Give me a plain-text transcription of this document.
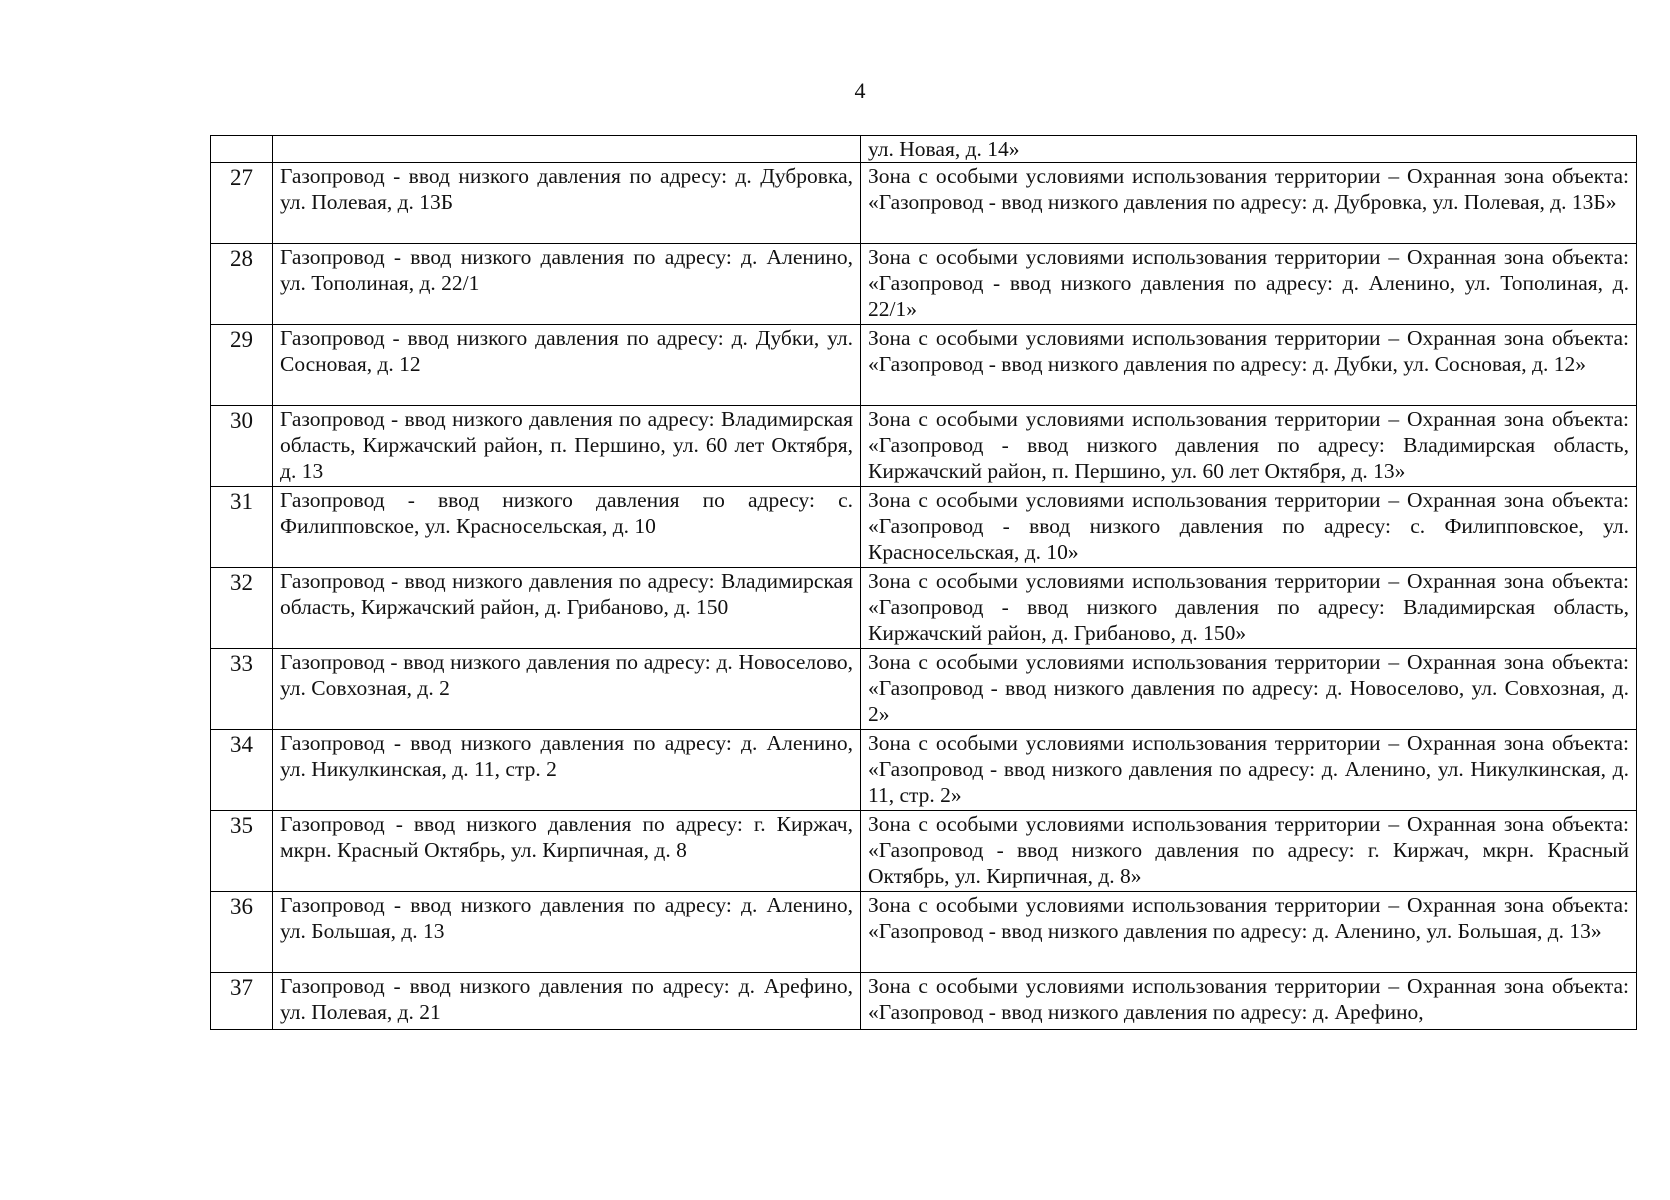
4
		ул. Новая, д. 14»
27	Газопровод - ввод низкого давления по адресу: д. Дубровка, ул. Полевая, д. 13Б	Зона с особыми условиями использования территории – Охранная зона объекта: «Газопровод - ввод низкого давления по адресу: д. Дубровка, ул. Полевая, д. 13Б»
28	Газопровод - ввод низкого давления по адресу: д. Аленино, ул. Тополиная, д. 22/1	Зона с особыми условиями использования территории – Охранная зона объекта: «Газопровод - ввод низкого давления по адресу: д. Аленино, ул. Тополиная, д. 22/1»
29	Газопровод - ввод низкого давления по адресу: д. Дубки, ул. Сосновая, д. 12	Зона с особыми условиями использования территории – Охранная зона объекта: «Газопровод - ввод низкого давления по адресу: д. Дубки, ул. Сосновая, д. 12»
30	Газопровод - ввод низкого давления по адресу: Владимирская область, Киржачский район, п. Першино, ул. 60 лет Октября, д. 13	Зона с особыми условиями использования территории – Охранная зона объекта: «Газопровод - ввод низкого давления по адресу: Владимирская область, Киржачский район, п. Першино, ул. 60 лет Октября, д. 13»
31	Газопровод - ввод низкого давления по адресу: с. Филипповское, ул. Красносельская, д. 10	Зона с особыми условиями использования территории – Охранная зона объекта: «Газопровод - ввод низкого давления по адресу: с. Филипповское, ул. Красносельская, д. 10»
32	Газопровод - ввод низкого давления по адресу: Владимирская область, Киржачский район, д. Грибаново, д. 150	Зона с особыми условиями использования территории – Охранная зона объекта: «Газопровод - ввод низкого давления по адресу: Владимирская область, Киржачский район, д. Грибаново, д. 150»
33	Газопровод - ввод низкого давления по адресу: д. Новоселово, ул. Совхозная, д. 2	Зона с особыми условиями использования территории – Охранная зона объекта: «Газопровод - ввод низкого давления по адресу: д. Новоселово, ул. Совхозная, д. 2»
34	Газопровод - ввод низкого давления по адресу: д. Аленино, ул. Никулкинская, д. 11, стр. 2	Зона с особыми условиями использования территории – Охранная зона объекта: «Газопровод - ввод низкого давления по адресу: д. Аленино, ул. Никулкинская, д. 11, стр. 2»
35	Газопровод - ввод низкого давления по адресу: г. Киржач, мкрн. Красный Октябрь, ул. Кирпичная, д. 8	Зона с особыми условиями использования территории – Охранная зона объекта: «Газопровод - ввод низкого давления по адресу: г. Киржач, мкрн. Красный Октябрь, ул. Кирпичная, д. 8»
36	Газопровод - ввод низкого давления по адресу: д. Аленино, ул. Большая, д. 13	Зона с особыми условиями использования территории – Охранная зона объекта: «Газопровод - ввод низкого давления по адресу: д. Аленино, ул. Большая, д. 13»
37	Газопровод - ввод низкого давления по адресу: д. Арефино, ул. Полевая, д. 21	Зона с особыми условиями использования территории – Охранная зона объекта: «Газопровод - ввод низкого давления по адресу: д. Арефино,
